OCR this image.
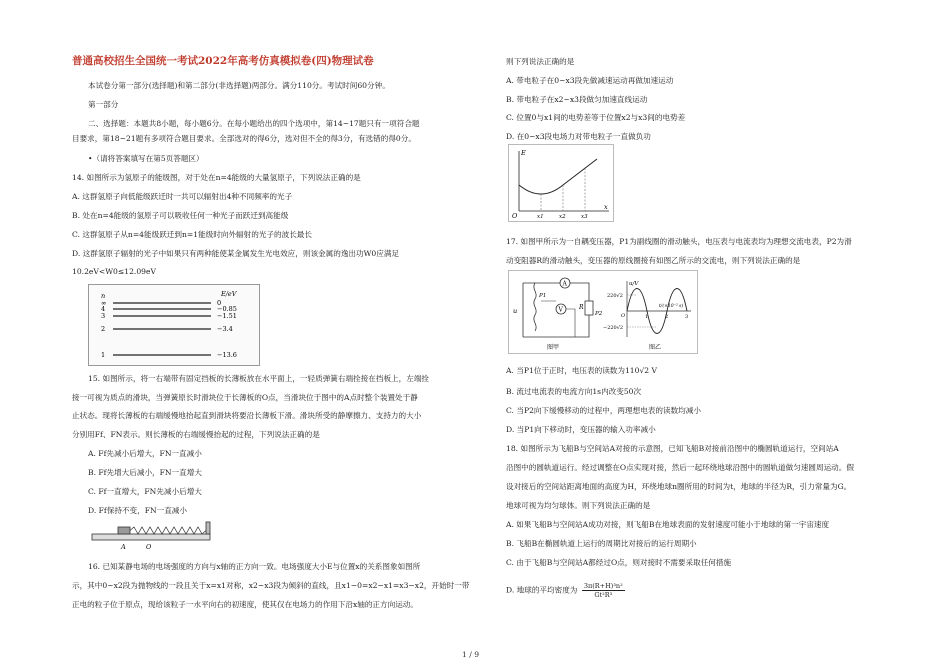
普通高校招生全国统一考试2022年高考仿真模拟卷(四)物理试卷
本试卷分第一部分(选择题)和第二部分(非选择题)两部分。满分110分。考试时间60分钟。
第一部分
二、选择题：本题共8小题，每小题6分。在每小题给出的四个选项中，第14~17题只有一项符合题
目要求，第18~21题有多项符合题目要求。全部选对的得6分，选对但不全的得3分，有选错的得0分。
•（请将答案填写在第5页答题区）
14. 如图所示为氢原子的能级图，对于处在n=4能级的大量氢原子，下列说法正确的是
A. 这群氢原子向低能级跃迁时一共可以辐射出4种不同频率的光子
B. 处在n=4能级的氢原子可以吸收任何一种光子而跃迁到高能级
C. 这群氢原子从n=4能级跃迁到n=1能级时向外辐射的光子的波长最长
D. 这群氢原子辐射的光子中如果只有两种能使某金属发生光电效应，则该金属的逸出功W0应满足
10.2eV<W0≤12.09eV
n	E/eV
∞	0
4	−0.85
3	−1.51
2	−3.4
1	−13.6
15. 如图所示，将一右端带有固定挡板的长薄板放在水平面上，一轻质弹簧右端拴接在挡板上，左端拴
接一可视为质点的滑块，当弹簧原长时滑块位于长薄板的O点，当滑块位于图中的A点时整个装置处于静
止状态。现将长薄板的右端缓慢地抬起直到滑块将要沿长薄板下滑。滑块所受的静摩擦力、支持力的大小
分别用Ff、FN表示。则长薄板的右端缓慢抬起的过程，下列说法正确的是
A. Ff先减小后增大，FN一直减小
B. Ff先增大后减小，FN一直增大
C. Ff一直增大，FN先减小后增大
D. Ff保持不变，FN一直减小
A	O
16. 已知某静电场的电场强度的方向与x轴的正方向一致。电场强度大小E与位置x的关系图象如图所
示，其中0~x2段为抛物线的一段且关于x=x1对称，x2~x3段为倾斜的直线，且x1−0=x2−x1=x3−x2，开始时一带
正电的粒子位于原点，现给该粒子一水平向右的初速度，使其仅在电场力的作用下沿x轴的正方向运动。
则下列说法正确的是
A. 带电粒子在0~x3段先做减速运动再做加速运动
B. 带电粒子在x2~x3段做匀加速直线运动
C. 位置0与x1间的电势差等于位置x2与x3间的电势差
D. 在0~x3段电场力对带电粒子一直做负功
E
O	x1	x2	x3
x
17. 如图甲所示为一自耦变压器，P1为副线圈的滑动触头，电压表与电流表均为理想交流电表，P2为滑
动变阻器R的滑动触头，变压器的原线圈接有如图乙所示的交流电，则下列说法正确的是
u
A
V	R
P1
P2
图甲
u/V
220√2
−220√2
O	1	2	3
t/(×10⁻² s)
图乙
A. 当P1位于正时，电压表的读数为110√2 V
B. 流过电流表的电流方向1s内改变50次
C. 当P2向下缓慢移动的过程中，两理想电表的读数均减小
D. 当P1向下移动时，变压器的输入功率减小
18. 如图所示为飞船B与空间站A对接的示意图，已知飞船B对接前沿图中的椭圆轨道运行，空间站A
沿图中的圆轨道运行。经过调整在O点实现对接，然后一起环绕地球沿图中的圆轨道做匀速圆周运动。假
设对接后的空间站距离地面的高度为H，环绕地球n圈所用的时间为t，地球的半径为R，引力常量为G。
地球可视为均匀球体。则下列说法正确的是
A. 如果飞船B与空间站A成功对接，则飞船B在地球表面的发射速度可能小于地球的第一宇宙速度
B. 飞船B在椭圆轨道上运行的周期比对接后的运行周期小
C. 由于飞船B与空间站A都经过O点，则对接时不需要采取任何措施
D. 地球的平均密度为 $\frac{\text{3π(R+H)³n²}}{\text{Gt²R³}}$
1 / 9
